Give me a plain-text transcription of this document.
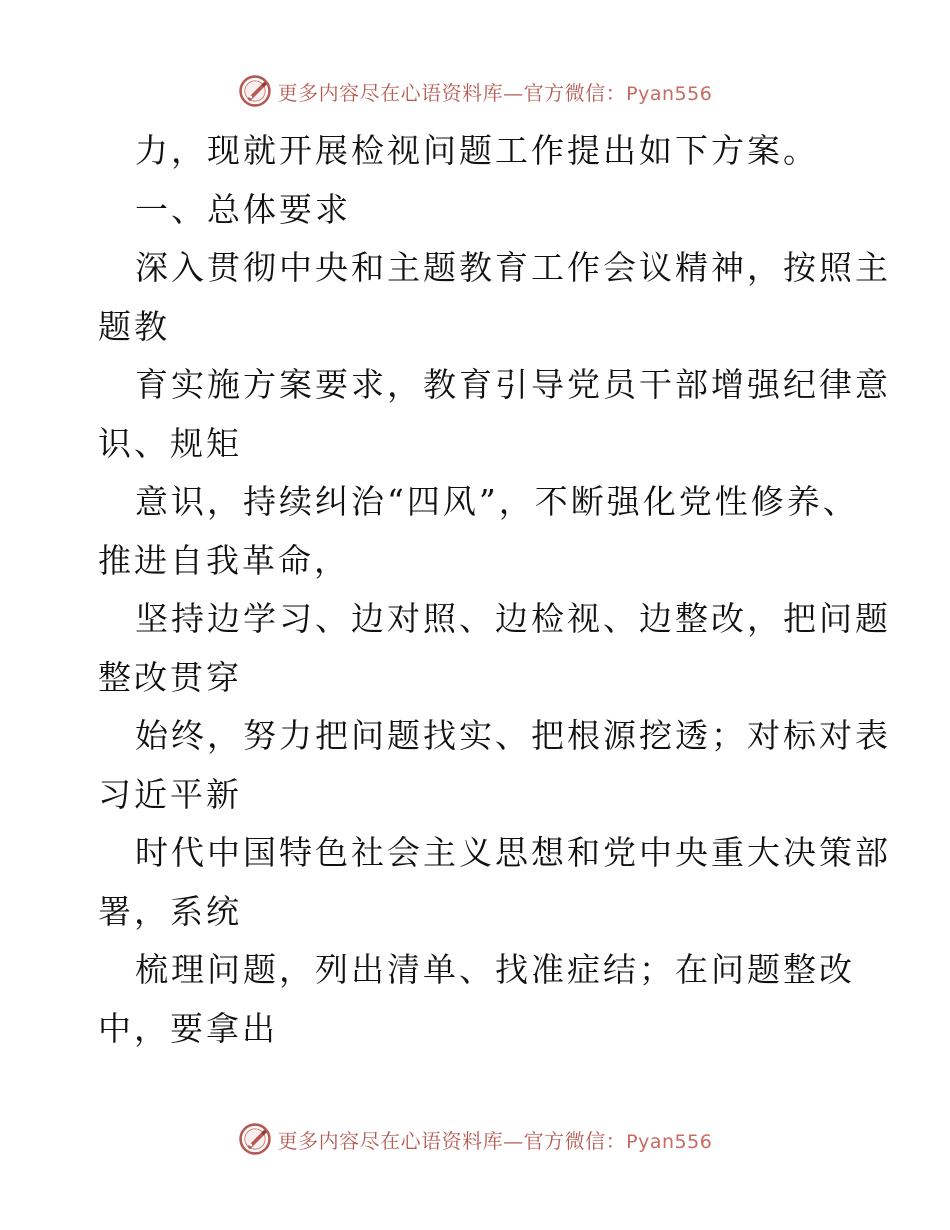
更多内容尽在心语资料库—官方微信：Pyan556
力，现就开展检视问题工作提出如下方案。
一、总体要求
深入贯彻中央和主题教育工作会议精神，按照主
题教
育实施方案要求，教育引导党员干部增强纪律意
识、规矩
意识，持续纠治“四风”，不断强化党性修养、
推进自我革命，
坚持边学习、边对照、边检视、边整改，把问题
整改贯穿
始终，努力把问题找实、把根源挖透；对标对表
习近平新
时代中国特色社会主义思想和党中央重大决策部
署，系统
梳理问题，列出清单、找准症结；在问题整改
中，要拿出
更多内容尽在心语资料库—官方微信：Pyan556
